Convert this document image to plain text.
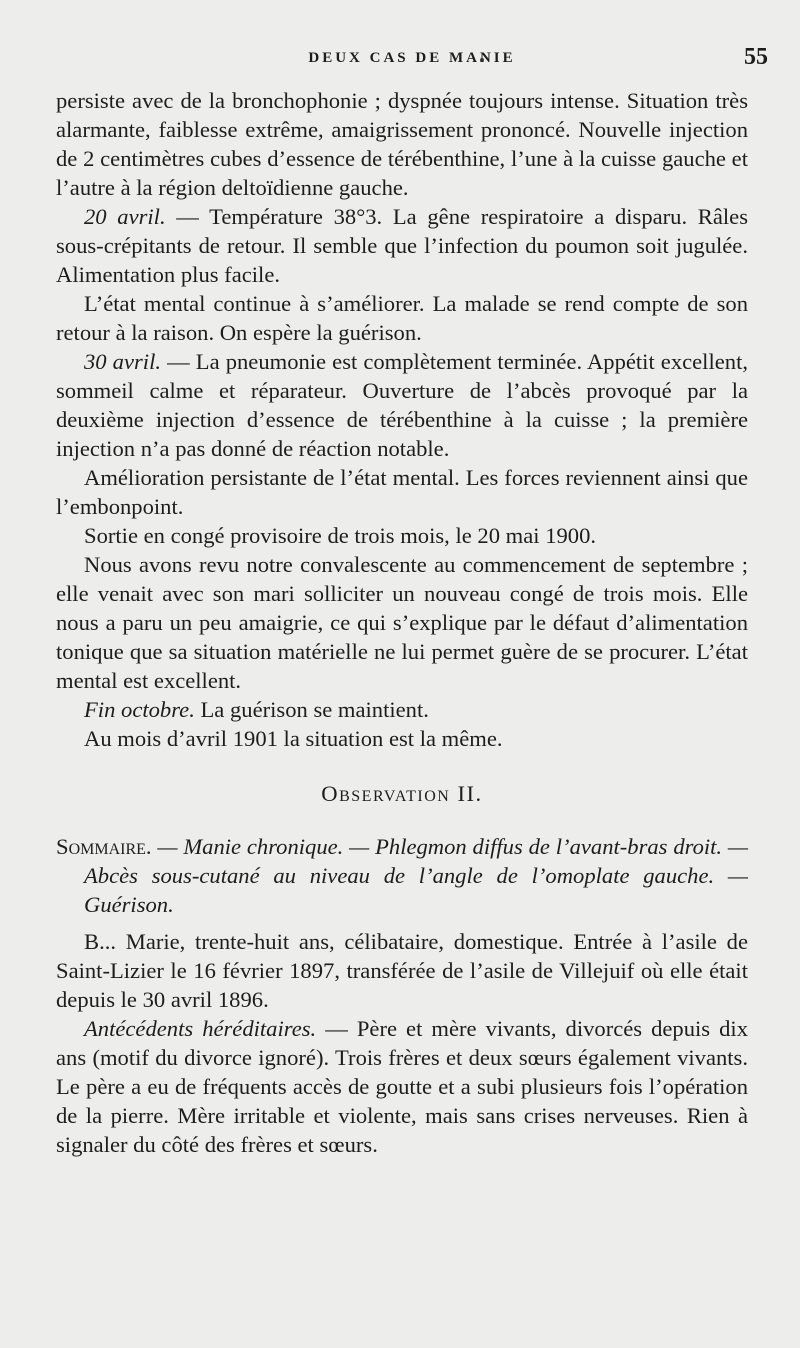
DEUX CAS DE MANIE	55

persiste avec de la bronchophonie ; dyspnée toujours intense. Situation très alarmante, faiblesse extrême, amaigrissement prononcé. Nouvelle injection de 2 centimètres cubes d’essence de térébenthine, l’une à la cuisse gauche et l’autre à la région deltoïdienne gauche.

20 avril. — Température 38°3. La gêne respiratoire a disparu. Râles sous-crépitants de retour. Il semble que l’infection du poumon soit jugulée. Alimentation plus facile.

L’état mental continue à s’améliorer. La malade se rend compte de son retour à la raison. On espère la guérison.

30 avril. — La pneumonie est complètement terminée. Appétit excellent, sommeil calme et réparateur. Ouverture de l’abcès provoqué par la deuxième injection d’essence de térébenthine à la cuisse ; la première injection n’a pas donné de réaction notable.

Amélioration persistante de l’état mental. Les forces reviennent ainsi que l’embonpoint.

Sortie en congé provisoire de trois mois, le 20 mai 1900.

Nous avons revu notre convalescente au commencement de septembre ; elle venait avec son mari solliciter un nouveau congé de trois mois. Elle nous a paru un peu amaigrie, ce qui s’explique par le défaut d’alimentation tonique que sa situation matérielle ne lui permet guère de se procurer. L’état mental est excellent.

Fin octobre. La guérison se maintient.

Au mois d’avril 1901 la situation est la même.

Observation II.

Sommaire. — Manie chronique. — Phlegmon diffus de l’avant-bras droit. — Abcès sous-cutané au niveau de l’angle de l’omoplate gauche. — Guérison.

B... Marie, trente-huit ans, célibataire, domestique. Entrée à l’asile de Saint-Lizier le 16 février 1897, transférée de l’asile de Villejuif où elle était depuis le 30 avril 1896.

Antécédents héréditaires. — Père et mère vivants, divorcés depuis dix ans (motif du divorce ignoré). Trois frères et deux sœurs également vivants. Le père a eu de fréquents accès de goutte et a subi plusieurs fois l’opération de la pierre. Mère irritable et violente, mais sans crises nerveuses. Rien à signaler du côté des frères et sœurs.
